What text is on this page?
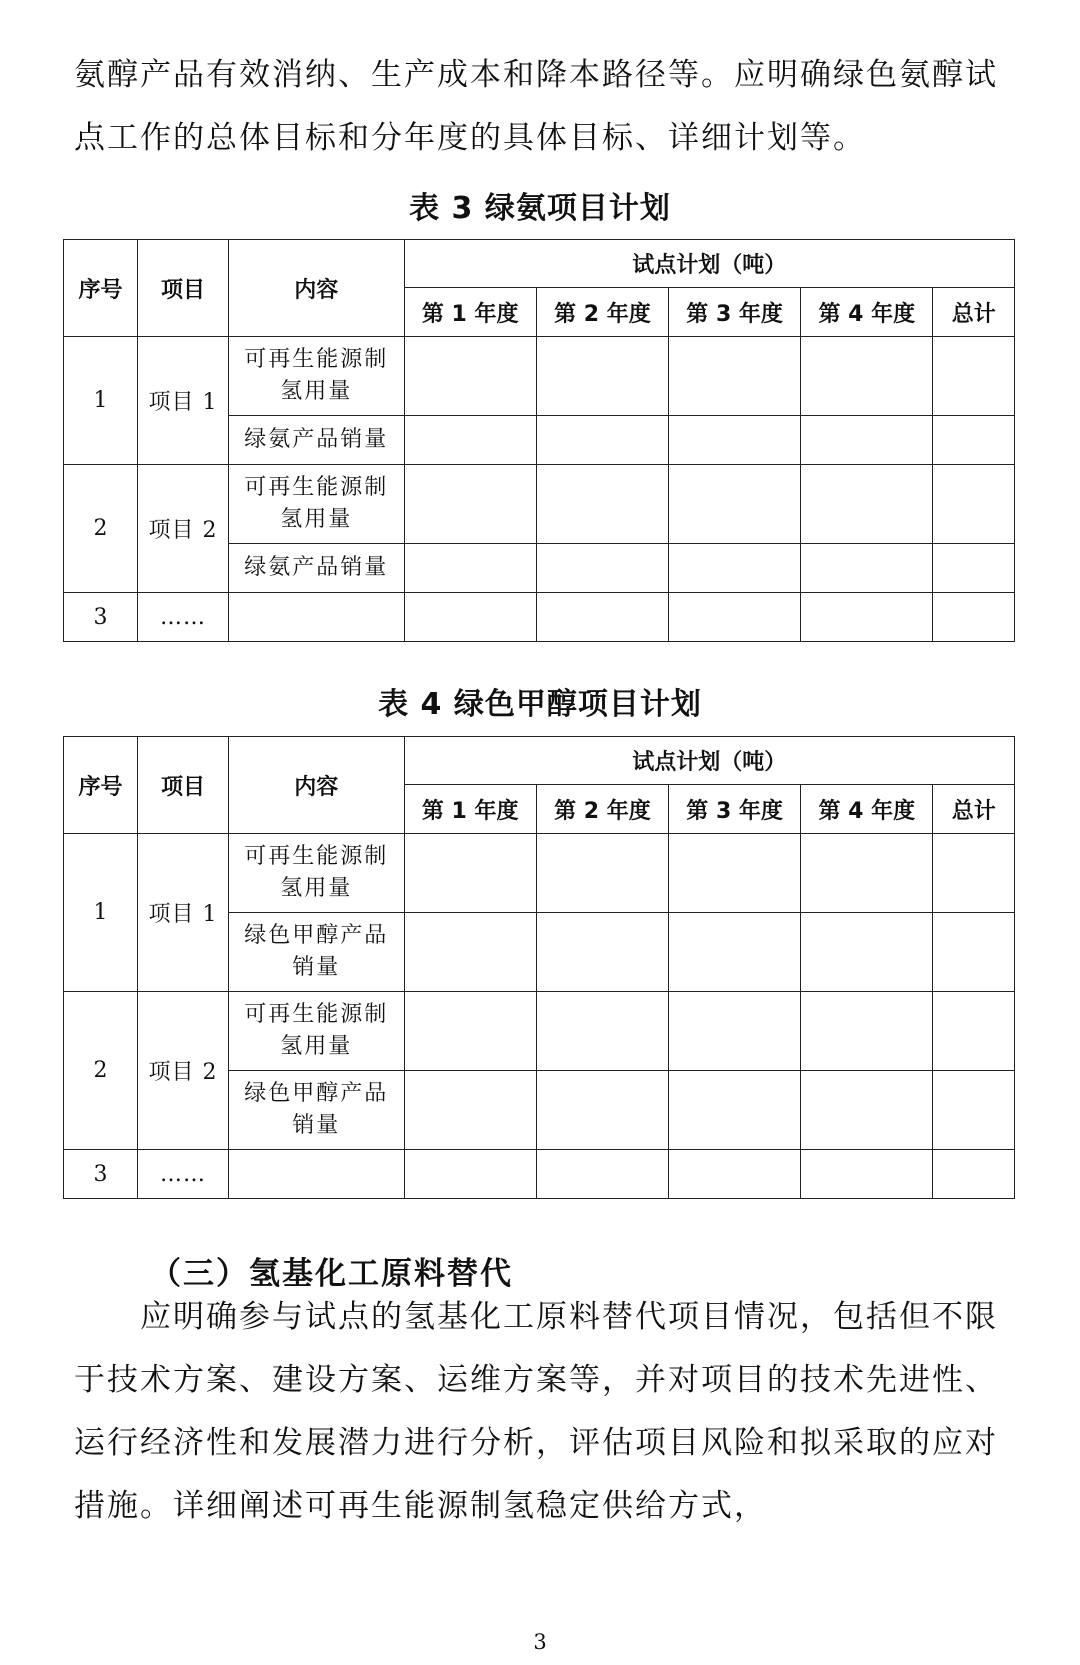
氨醇产品有效消纳、生产成本和降本路径等。应明确绿色氨醇试点工作的总体目标和分年度的具体目标、详细计划等。

表 3 绿氨项目计划
序号	项目	内容	试点计划（吨）				
			第 1 年度	第 2 年度	第 3 年度	第 4 年度	总计
1	项目 1	可再生能源制氢用量					
		绿氨产品销量					
2	项目 2	可再生能源制氢用量					
		绿氨产品销量					
3	……						
表 4 绿色甲醇项目计划
序号	项目	内容	试点计划（吨）				
			第 1 年度	第 2 年度	第 3 年度	第 4 年度	总计
1	项目 1	可再生能源制氢用量					
		绿色甲醇产品销量					
2	项目 2	可再生能源制氢用量					
		绿色甲醇产品销量					
3	……						
（三）氢基化工原料替代

应明确参与试点的氢基化工原料替代项目情况，包括但不限于技术方案、建设方案、运维方案等，并对项目的技术先进性、运行经济性和发展潜力进行分析，评估项目风险和拟采取的应对措施。详细阐述可再生能源制氢稳定供给方式，

3
